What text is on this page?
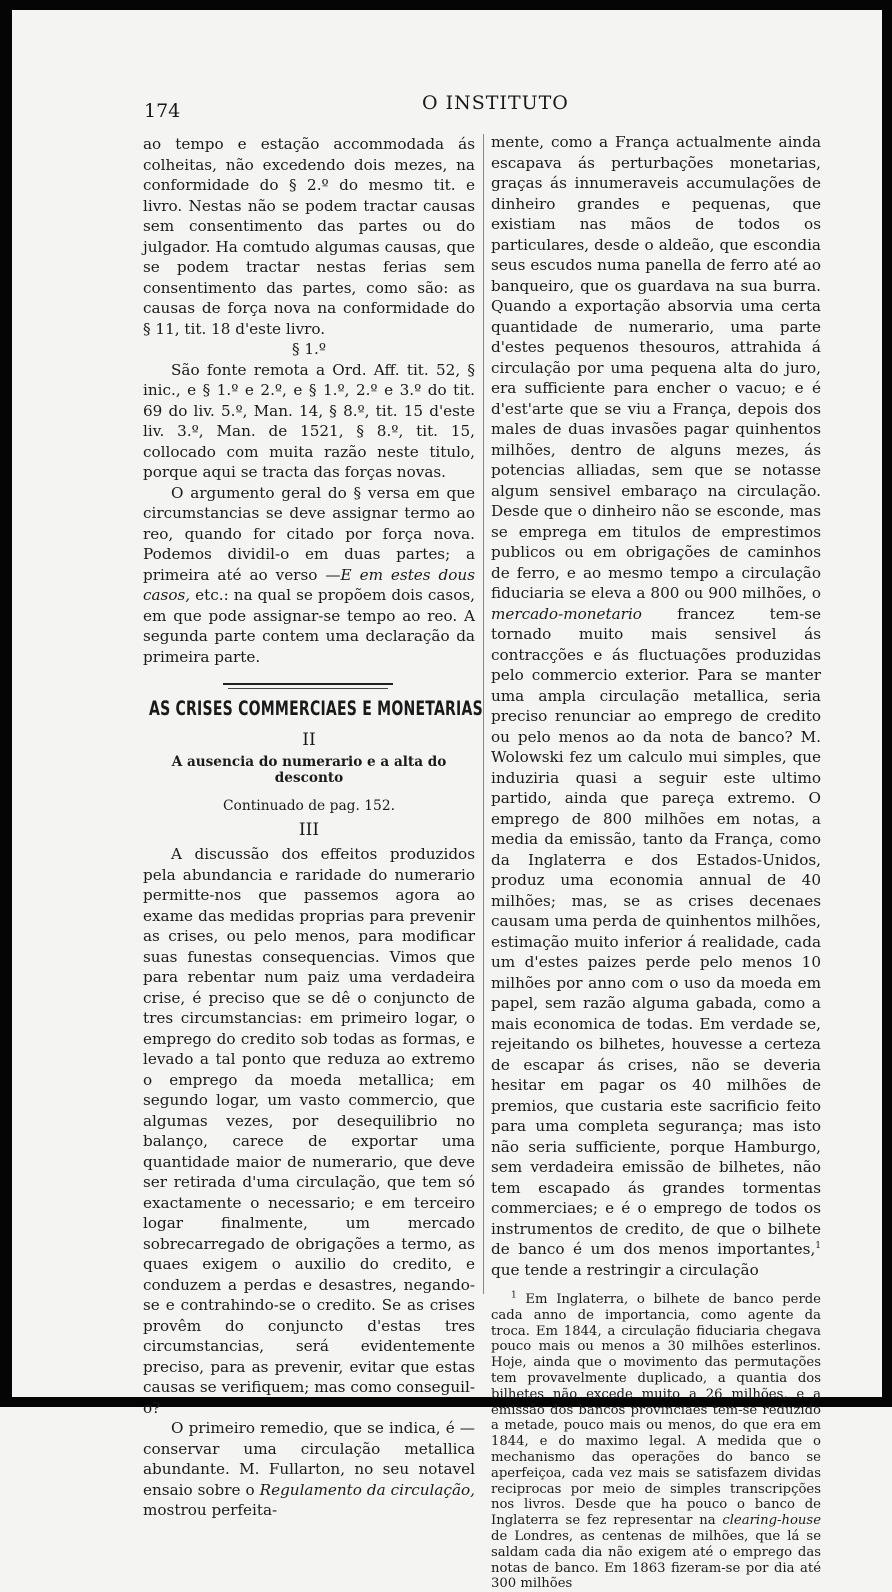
174	O INSTITUTO

ao tempo e estação accommodada ás colheitas, não excedendo dois mezes, na conformidade do § 2.º do mesmo tit. e livro. Nestas não se podem tractar causas sem consentimento das partes ou do julgador. Ha comtudo algumas causas, que se podem tractar nestas ferias sem consentimento das partes, como são: as causas de força nova na conformidade do § 11, tit. 18 d'este livro.

§ 1.º

São fonte remota a Ord. Aff. tit. 52, § inic., e § 1.º e 2.º, e § 1.º, 2.º e 3.º do tit. 69 do liv. 5.º, Man. 14, § 8.º, tit. 15 d'este liv. 3.º, Man. de 1521, § 8.º, tit. 15, collocado com muita razão neste titulo, porque aqui se tracta das forças novas.

O argumento geral do § versa em que circumstancias se deve assignar termo ao reo, quando for citado por força nova. Podemos dividil-o em duas partes; a primeira até ao verso —E em estes dous casos, etc.: na qual se propõem dois casos, em que pode assignar-se tempo ao reo. A segunda parte contem uma declaração da primeira parte.

AS CRISES COMMERCIAES E MONETARIAS
II
A ausencia do numerario e a alta do desconto
Continuado de pag. 152.
III

A discussão dos effeitos produzidos pela abundancia e raridade do numerario permitte-nos que passemos agora ao exame das medidas proprias para prevenir as crises, ou pelo menos, para modificar suas funestas consequencias. Vimos que para rebentar num paiz uma verdadeira crise, é preciso que se dê o conjuncto de tres circumstancias: em primeiro logar, o emprego do credito sob todas as formas, e levado a tal ponto que reduza ao extremo o emprego da moeda metallica; em segundo logar, um vasto commercio, que algumas vezes, por desequilibrio no balanço, carece de exportar uma quantidade maior de numerario, que deve ser retirada d'uma circulação, que tem só exactamente o necessario; e em terceiro logar finalmente, um mercado sobrecarregado de obrigações a termo, as quaes exigem o auxilio do credito, e conduzem a perdas e desastres, negando-se e contrahindo-se o credito. Se as crises provêm do conjuncto d'estas tres circumstancias, será evidentemente preciso, para as prevenir, evitar que estas causas se verifiquem; mas como conseguil-o?

O primeiro remedio, que se indica, é — conservar uma circulação metallica abundante. M. Fullarton, no seu notavel ensaio sobre o Regulamento da circulação, mostrou perfeita-

mente, como a França actualmente ainda escapava ás perturbações monetarias, graças ás innumeraveis accumulações de dinheiro grandes e pequenas, que existiam nas mãos de todos os particulares, desde o aldeão, que escondia seus escudos numa panella de ferro até ao banqueiro, que os guardava na sua burra. Quando a exportação absorvia uma certa quantidade de numerario, uma parte d'estes pequenos thesouros, attrahida á circulação por uma pequena alta do juro, era sufficiente para encher o vacuo; e é d'est'arte que se viu a França, depois dos males de duas invasões pagar quinhentos milhões, dentro de alguns mezes, ás potencias alliadas, sem que se notasse algum sensivel embaraço na circulação. Desde que o dinheiro não se esconde, mas se emprega em titulos de emprestimos publicos ou em obrigações de caminhos de ferro, e ao mesmo tempo a circulação fiduciaria se eleva a 800 ou 900 milhões, o mercado-monetario francez tem-se tornado muito mais sensivel ás contracções e ás fluctuações produzidas pelo commercio exterior. Para se manter uma ampla circulação metallica, seria preciso renunciar ao emprego de credito ou pelo menos ao da nota de banco? M. Wolowski fez um calculo mui simples, que induziria quasi a seguir este ultimo partido, ainda que pareça extremo. O emprego de 800 milhões em notas, a media da emissão, tanto da França, como da Inglaterra e dos Estados-Unidos, produz uma economia annual de 40 milhões; mas, se as crises decenaes causam uma perda de quinhentos milhões, estimação muito inferior á realidade, cada um d'estes paizes perde pelo menos 10 milhões por anno com o uso da moeda em papel, sem razão alguma gabada, como a mais economica de todas. Em verdade se, rejeitando os bilhetes, houvesse a certeza de escapar ás crises, não se deveria hesitar em pagar os 40 milhões de premios, que custaria este sacrificio feito para uma completa segurança; mas isto não seria sufficiente, porque Hamburgo, sem verdadeira emissão de bilhetes, não tem escapado ás grandes tormentas commerciaes; e é o emprego de todos os instrumentos de credito, de que o bilhete de banco é um dos menos importantes,$^1$ que tende a restringir a circulação

$^1$ Em Inglaterra, o bilhete de banco perde cada anno de importancia, como agente da troca. Em 1844, a circulação fiduciaria chegava pouco mais ou menos a 30 milhões esterlinos. Hoje, ainda que o movimento das permutações tem provavelmente duplicado, a quantia dos bilhetes não excede muito a 26 milhões, e a emissão dos bancos provinciaes tem-se reduzido a metade, pouco mais ou menos, do que era em 1844, e do maximo legal. A medida que o mechanismo das operações do banco se aperfeiçoa, cada vez mais se satisfazem dividas reciprocas por meio de simples transcripções nos livros. Desde que ha pouco o banco de Inglaterra se fez representar na clearing-house de Londres, as centenas de milhões, que lá se saldam cada dia não exigem até o emprego das notas de banco. Em 1863 fizeram-se por dia até 300 milhões
